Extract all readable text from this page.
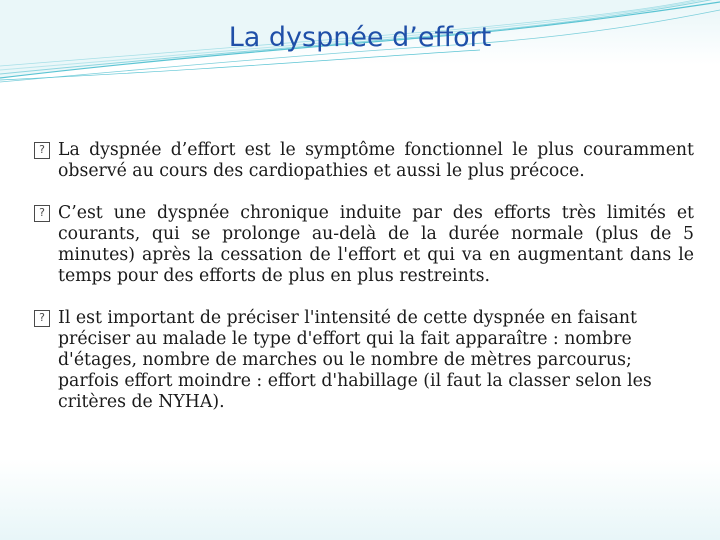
La dyspnée d’effort
? La dyspnée d’effort est le symptôme fonctionnel le plus couramment observé au cours des cardiopathies et aussi le plus précoce.
? C’est une dyspnée chronique induite par des efforts très limités et courants, qui se prolonge au-delà de la durée normale (plus de 5 minutes) après la cessation de l'effort et qui va en augmentant dans le temps pour des efforts de plus en plus restreints.
? Il est important de préciser l'intensité de cette dyspnée en faisant préciser au malade le type d'effort qui la fait apparaître : nombre d'étages, nombre de marches ou le nombre de mètres parcourus; parfois effort moindre : effort d'habillage (il faut la classer selon les critères de NYHA).
